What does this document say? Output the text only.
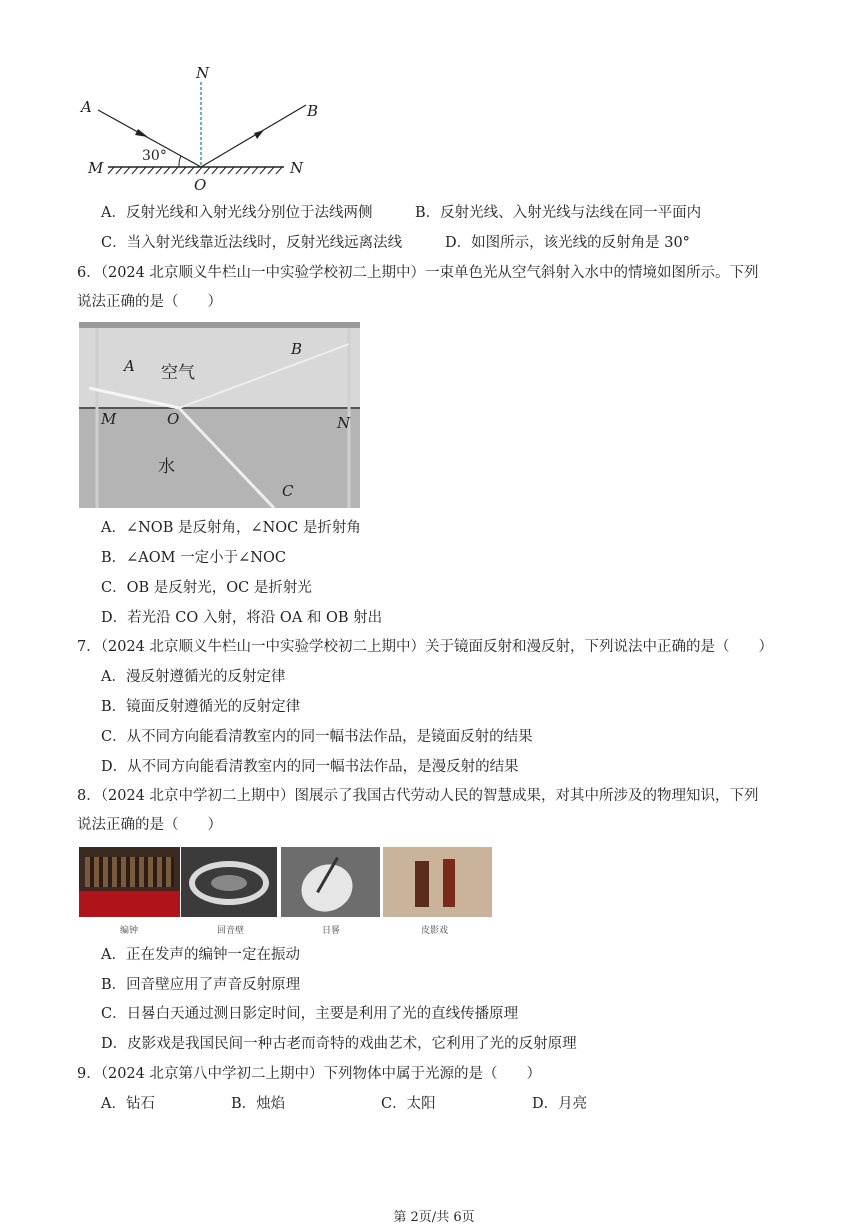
N
A	B
M	N
O
30°
A．反射光线和入射光线分别位于法线两侧	B．反射光线、入射光线与法线在同一平面内
C．当入射光线靠近法线时，反射光线远离法线	D．如图所示，该光线的反射角是 30°
6．（2024 北京顺义牛栏山一中实验学校初二上期中）一束单色光从空气斜射入水中的情境如图所示。下列
说法正确的是（　　）
空气
水
A
B
M	O	N
C
A．∠NOB 是反射角，∠NOC 是折射角
B．∠AOM 一定小于∠NOC
C．OB 是反射光，OC 是折射光
D．若光沿 CO 入射，将沿 OA 和 OB 射出
7．（2024 北京顺义牛栏山一中实验学校初二上期中）关于镜面反射和漫反射，下列说法中正确的是（　　）
A．漫反射遵循光的反射定律
B．镜面反射遵循光的反射定律
C．从不同方向能看清教室内的同一幅书法作品，是镜面反射的结果
D．从不同方向能看清教室内的同一幅书法作品，是漫反射的结果
8．（2024 北京中学初二上期中）图展示了我国古代劳动人民的智慧成果，对其中所涉及的物理知识，下列
说法正确的是（　　）
编钟	回音壁	日晷	皮影戏
A．正在发声的编钟一定在振动
B．回音壁应用了声音反射原理
C．日晷白天通过测日影定时间，主要是利用了光的直线传播原理
D．皮影戏是我国民间一种古老而奇特的戏曲艺术，它利用了光的反射原理
9．（2024 北京第八中学初二上期中）下列物体中属于光源的是（　　）
A．钻石	B．烛焰	C．太阳	D．月亮
第 2页/共 6页
